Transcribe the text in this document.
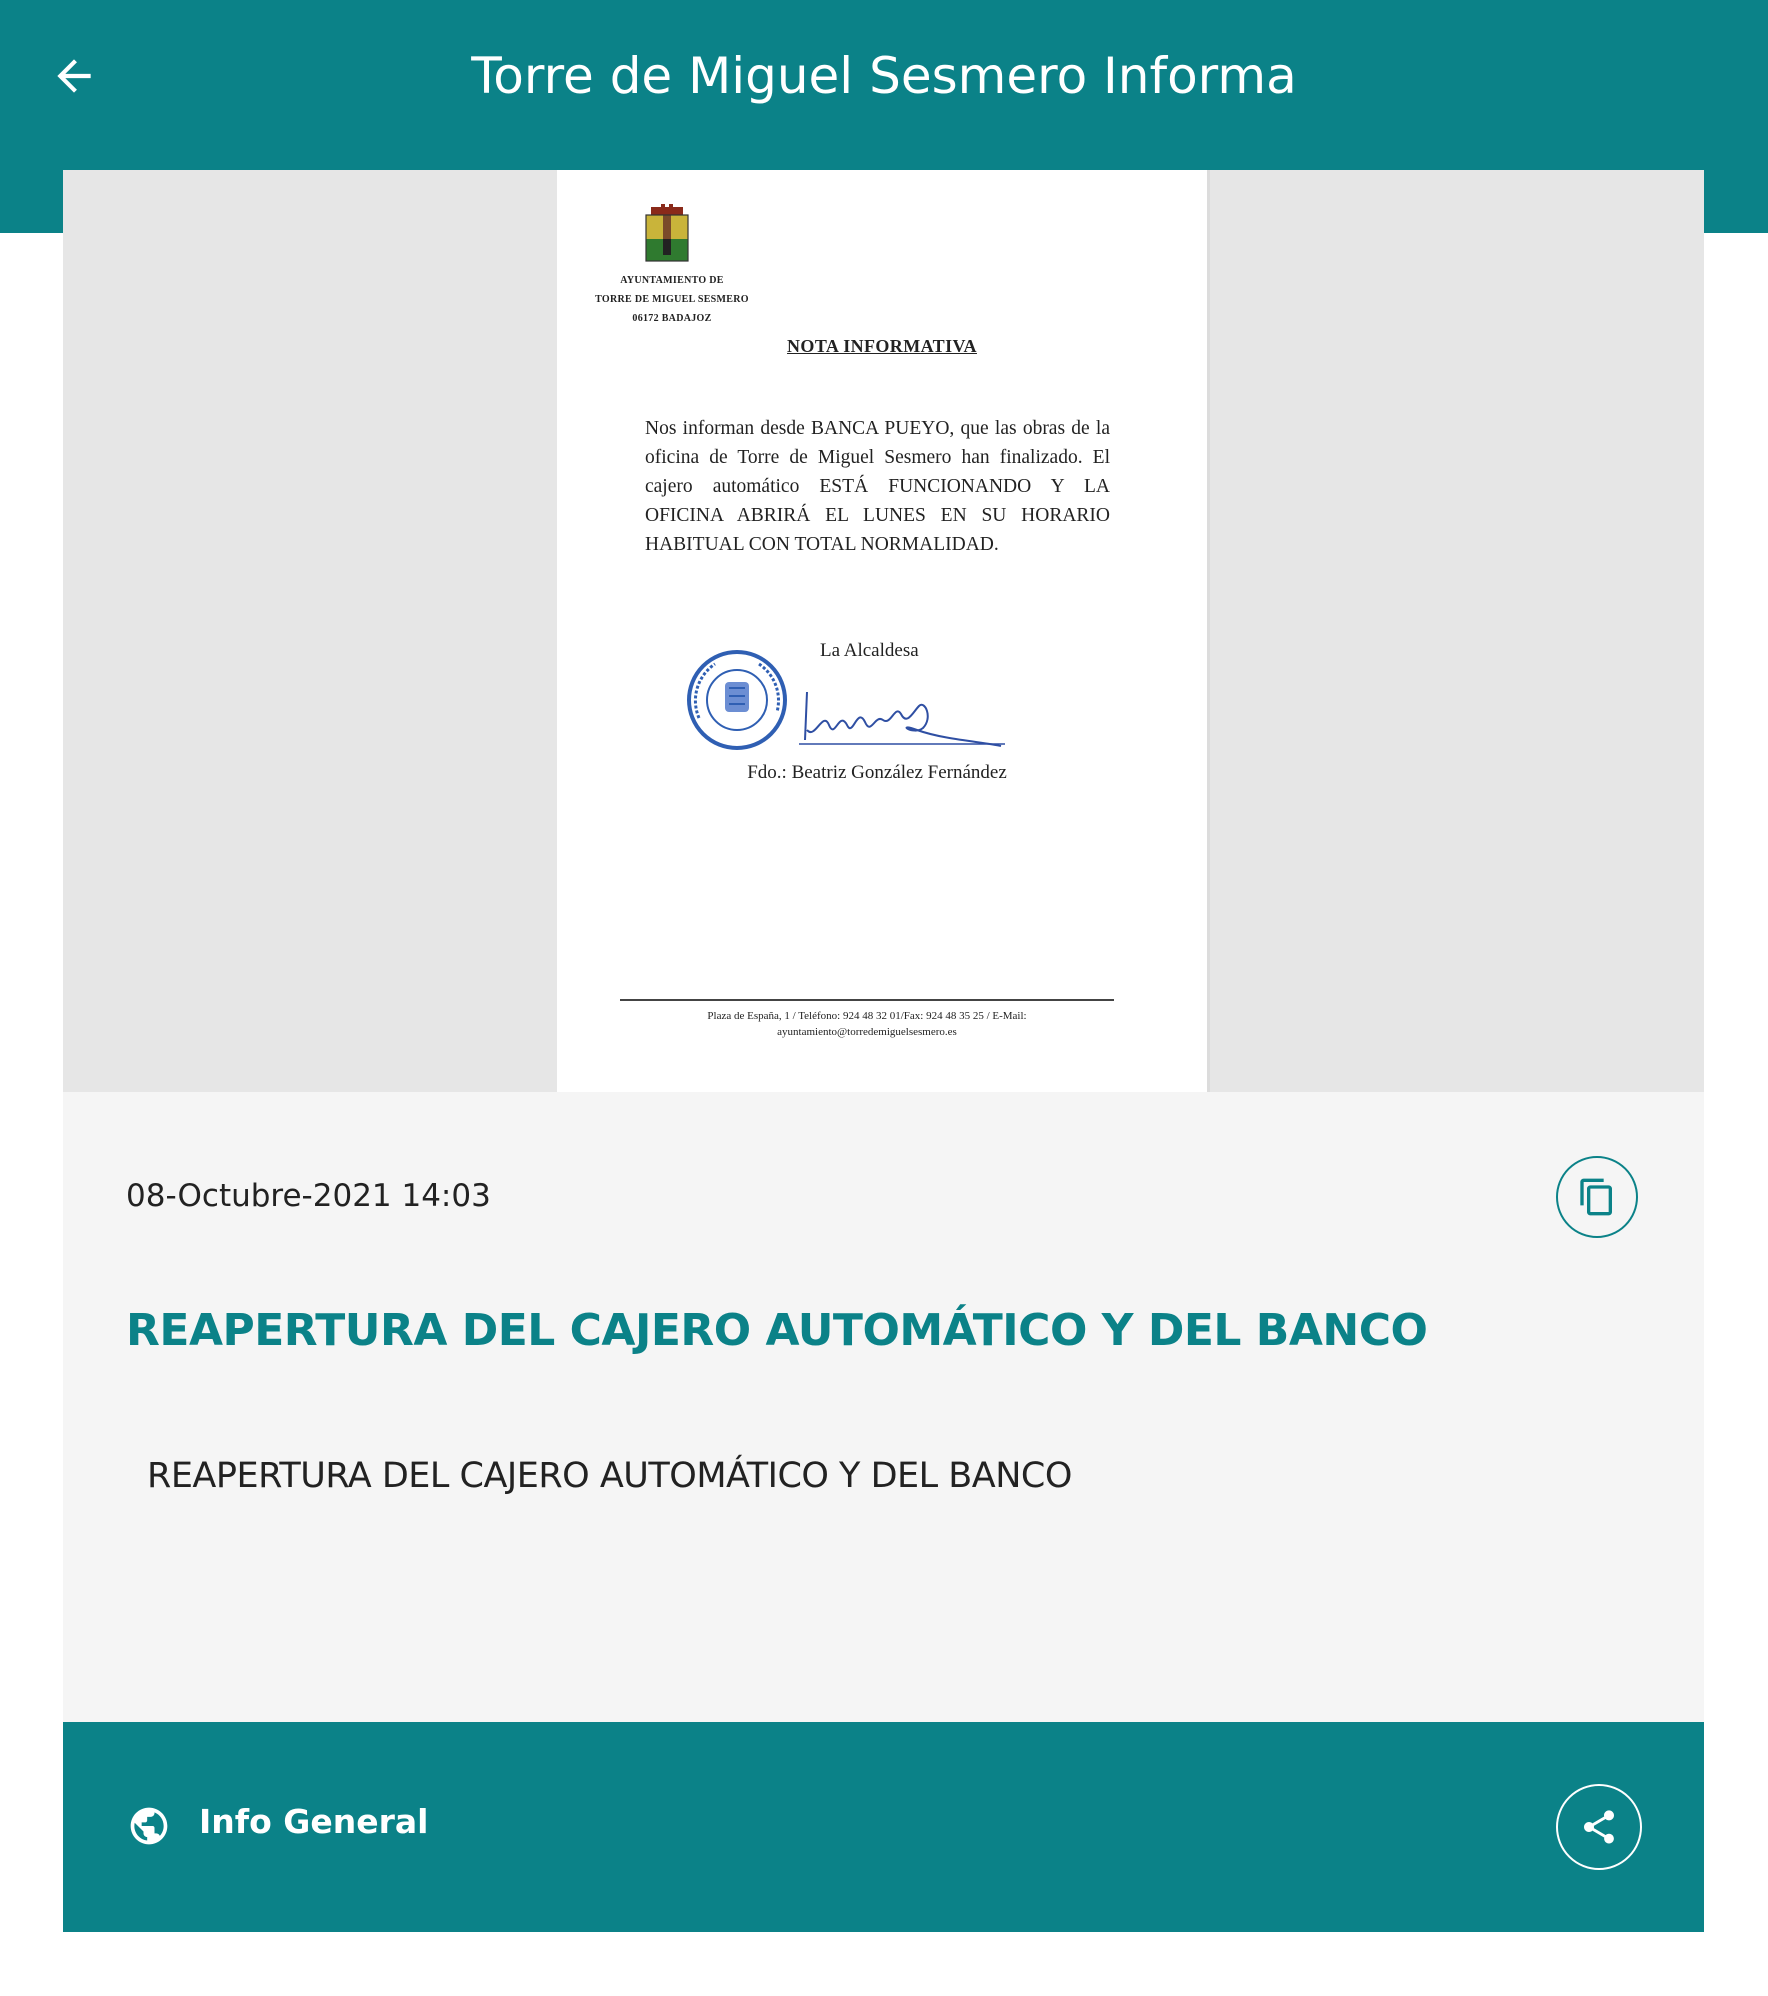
Torre de Miguel Sesmero Informa
AYUNTAMIENTO DE
TORRE DE MIGUEL SESMERO
06172 BADAJOZ
NOTA INFORMATIVA
Nos informan desde BANCA PUEYO, que las obras de la oficina de Torre de Miguel Sesmero han finalizado. El cajero automático ESTÁ FUNCIONANDO Y LA OFICINA ABRIRÁ EL LUNES EN SU HORARIO HABITUAL CON TOTAL NORMALIDAD.
La Alcaldesa
Fdo.: Beatriz González Fernández
Plaza de España, 1 / Teléfono: 924 48 32 01/Fax: 924 48 35 25 / E-Mail:
ayuntamiento@torredemiguelsesmero.es
08-Octubre-2021 14:03
REAPERTURA DEL CAJERO AUTOMÁTICO Y DEL BANCO
REAPERTURA DEL CAJERO AUTOMÁTICO Y DEL BANCO
Info General
